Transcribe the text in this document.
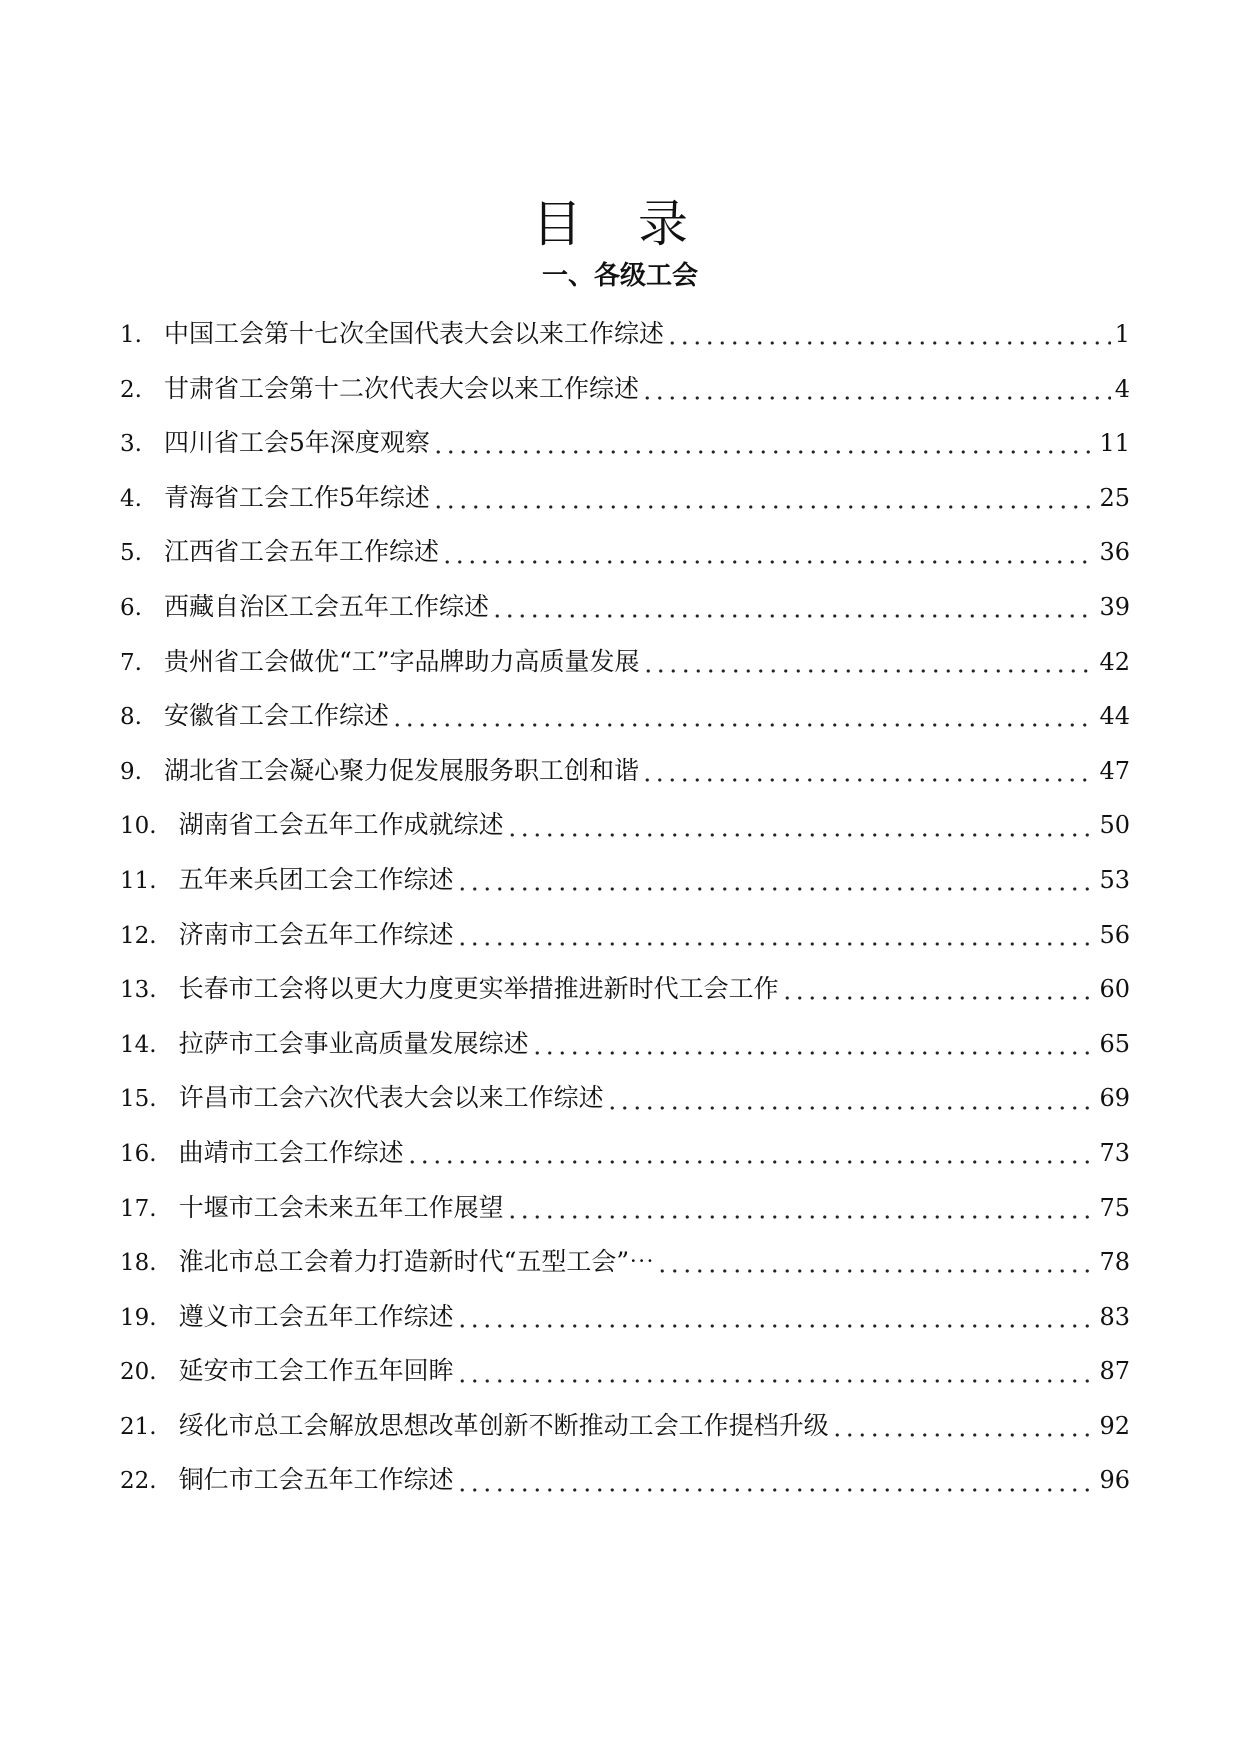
目 录
一、各级工会
1. 中国工会第十七次全国代表大会以来工作综述	1
2. 甘肃省工会第十二次代表大会以来工作综述	4
3. 四川省工会5年深度观察	11
4. 青海省工会工作5年综述	25
5. 江西省工会五年工作综述	36
6. 西藏自治区工会五年工作综述	39
7. 贵州省工会做优“工”字品牌助力高质量发展	42
8. 安徽省工会工作综述	44
9. 湖北省工会凝心聚力促发展服务职工创和谐	47
10. 湖南省工会五年工作成就综述	50
11. 五年来兵团工会工作综述	53
12. 济南市工会五年工作综述	56
13. 长春市工会将以更大力度更实举措推进新时代工会工作	60
14. 拉萨市工会事业高质量发展综述	65
15. 许昌市工会六次代表大会以来工作综述	69
16. 曲靖市工会工作综述	73
17. 十堰市工会未来五年工作展望	75
18. 淮北市总工会着力打造新时代“五型工会”⋯	78
19. 遵义市工会五年工作综述	83
20. 延安市工会工作五年回眸	87
21. 绥化市总工会解放思想改革创新不断推动工会工作提档升级	92
22. 铜仁市工会五年工作综述	96
